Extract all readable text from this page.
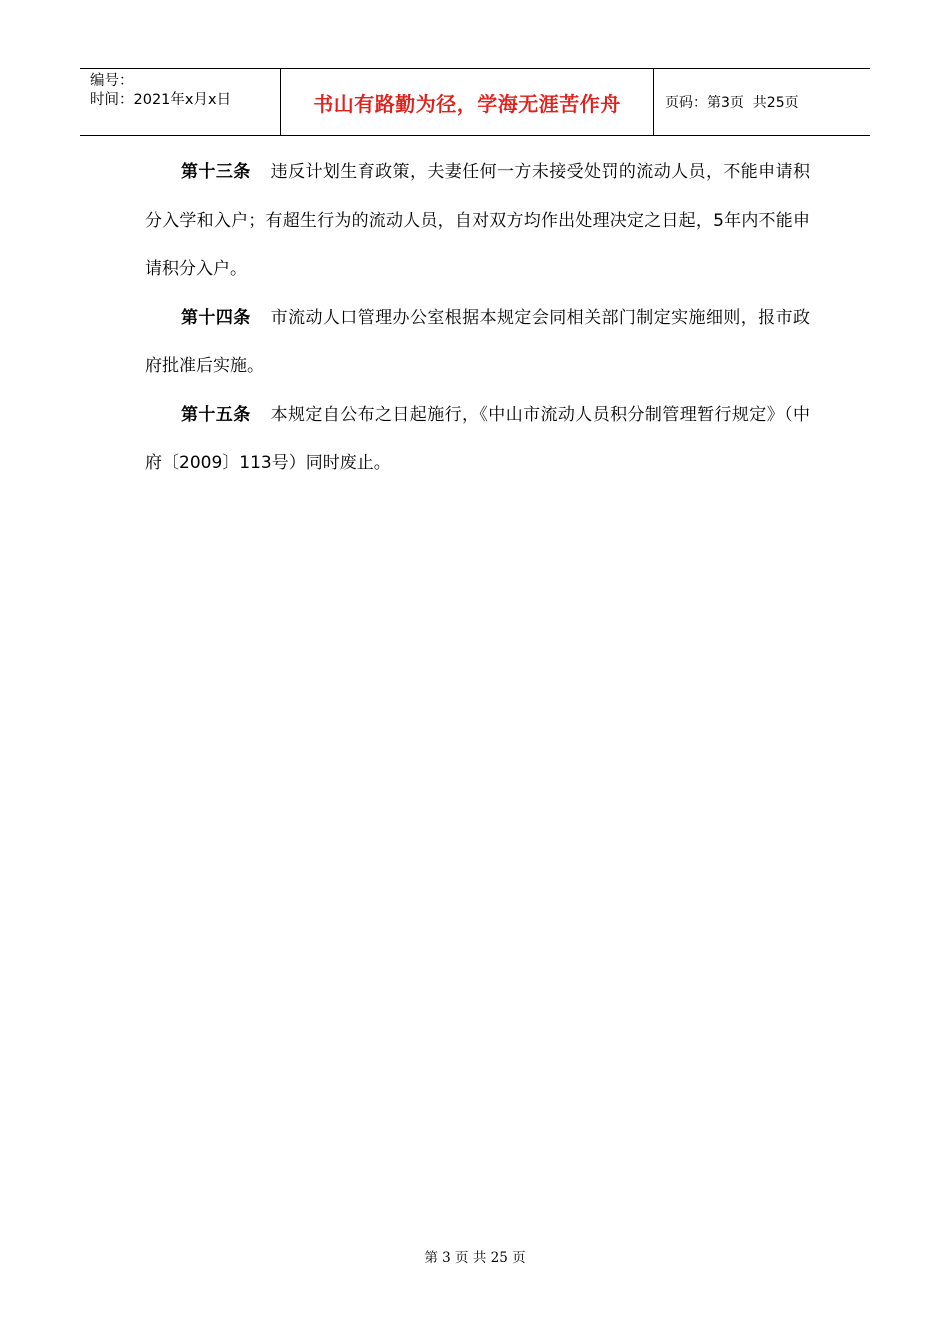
编号：
时间：2021年x月x日	书山有路勤为径，学海无涯苦作舟	页码：第3页  共25页

第十三条 违反计划生育政策，夫妻任何一方未接受处罚的流动人员，不能申请积分入学和入户；有超生行为的流动人员，自对双方均作出处理决定之日起，5年内不能申请积分入户。

第十四条 市流动人口管理办公室根据本规定会同相关部门制定实施细则，报市政府批准后实施。

第十五条 本规定自公布之日起施行，《中山市流动人员积分制管理暂行规定》（中府〔2009〕113号）同时废止。

第 3 页 共 25 页
